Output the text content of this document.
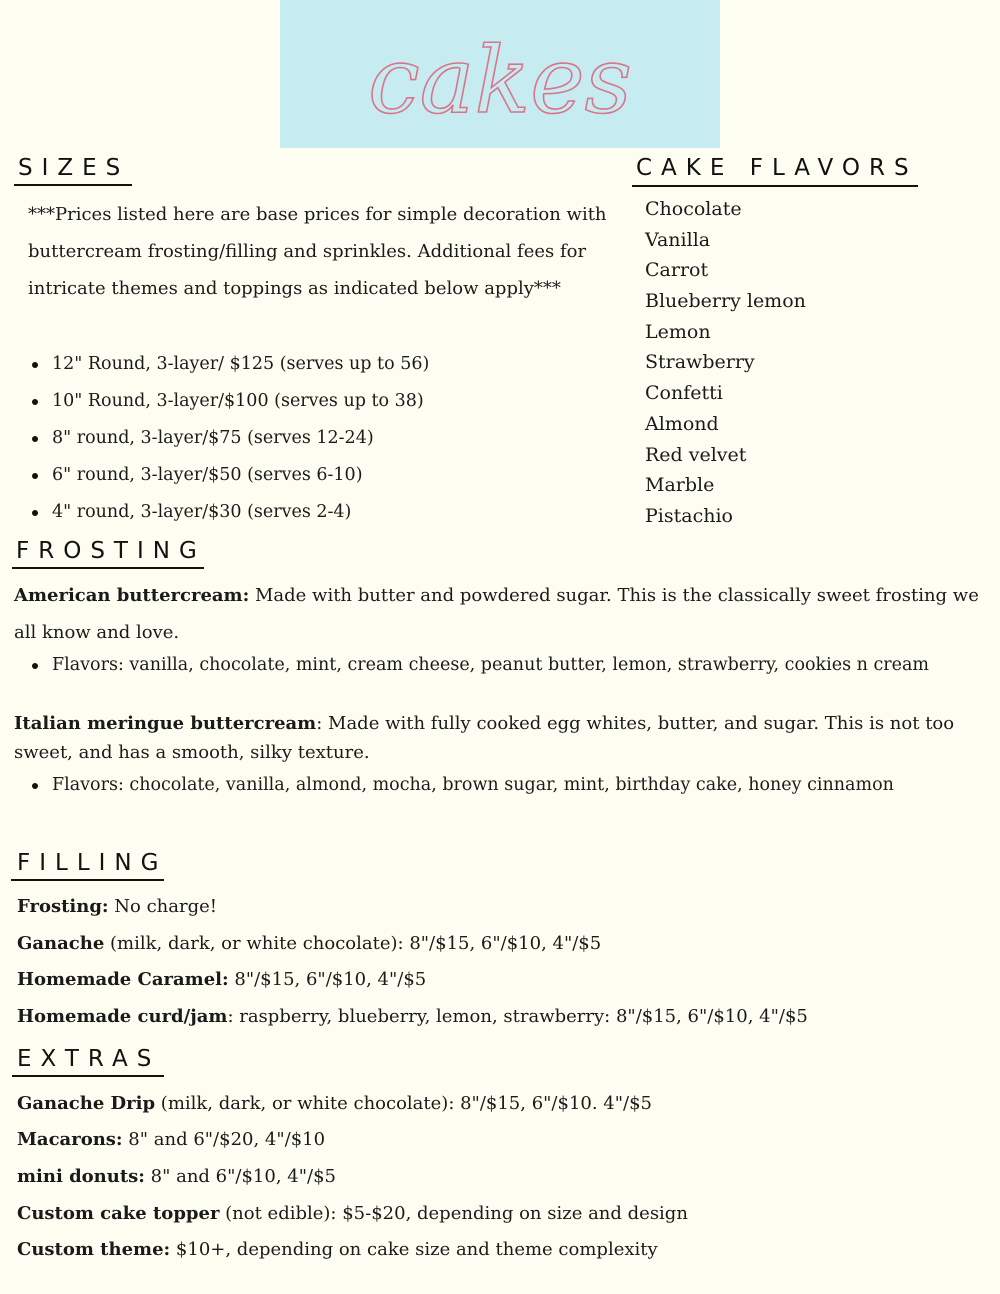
cakes
SIZES

***Prices listed here are base prices for simple decoration with buttercream frosting/filling and sprinkles. Additional fees for intricate themes and toppings as indicated below apply***

12" Round, 3-layer/ $125 (serves up to 56)
10" Round, 3-layer/$100 (serves up to 38)
8" round, 3-layer/$75 (serves 12-24)
6" round, 3-layer/$50 (serves 6-10)
4" round, 3-layer/$30 (serves 2-4)
CAKE FLAVORS
Chocolate
Vanilla
Carrot
Blueberry lemon
Lemon
Strawberry
Confetti
Almond
Red velvet
Marble
Pistachio
FROSTING

American buttercream: Made with butter and powdered sugar. This is the classically sweet frosting we all know and love.

Flavors: vanilla, chocolate, mint, cream cheese, peanut butter, lemon, strawberry, cookies n cream

Italian meringue buttercream: Made with fully cooked egg whites, butter, and sugar. This is not too sweet, and has a smooth, silky texture.

Flavors: chocolate, vanilla, almond, mocha, brown sugar, mint, birthday cake, honey cinnamon
FILLING

Frosting: No charge!

Ganache (milk, dark, or white chocolate): 8"/$15, 6"/$10, 4"/$5

Homemade Caramel: 8"/$15, 6"/$10, 4"/$5

Homemade curd/jam: raspberry, blueberry, lemon, strawberry: 8"/$15, 6"/$10, 4"/$5

EXTRAS

Ganache Drip (milk, dark, or white chocolate): 8"/$15, 6"/$10. 4"/$5

Macarons: 8" and 6"/$20, 4"/$10

mini donuts: 8" and 6"/$10, 4"/$5

Custom cake topper (not edible): $5-$20, depending on size and design

Custom theme: $10+, depending on cake size and theme complexity
